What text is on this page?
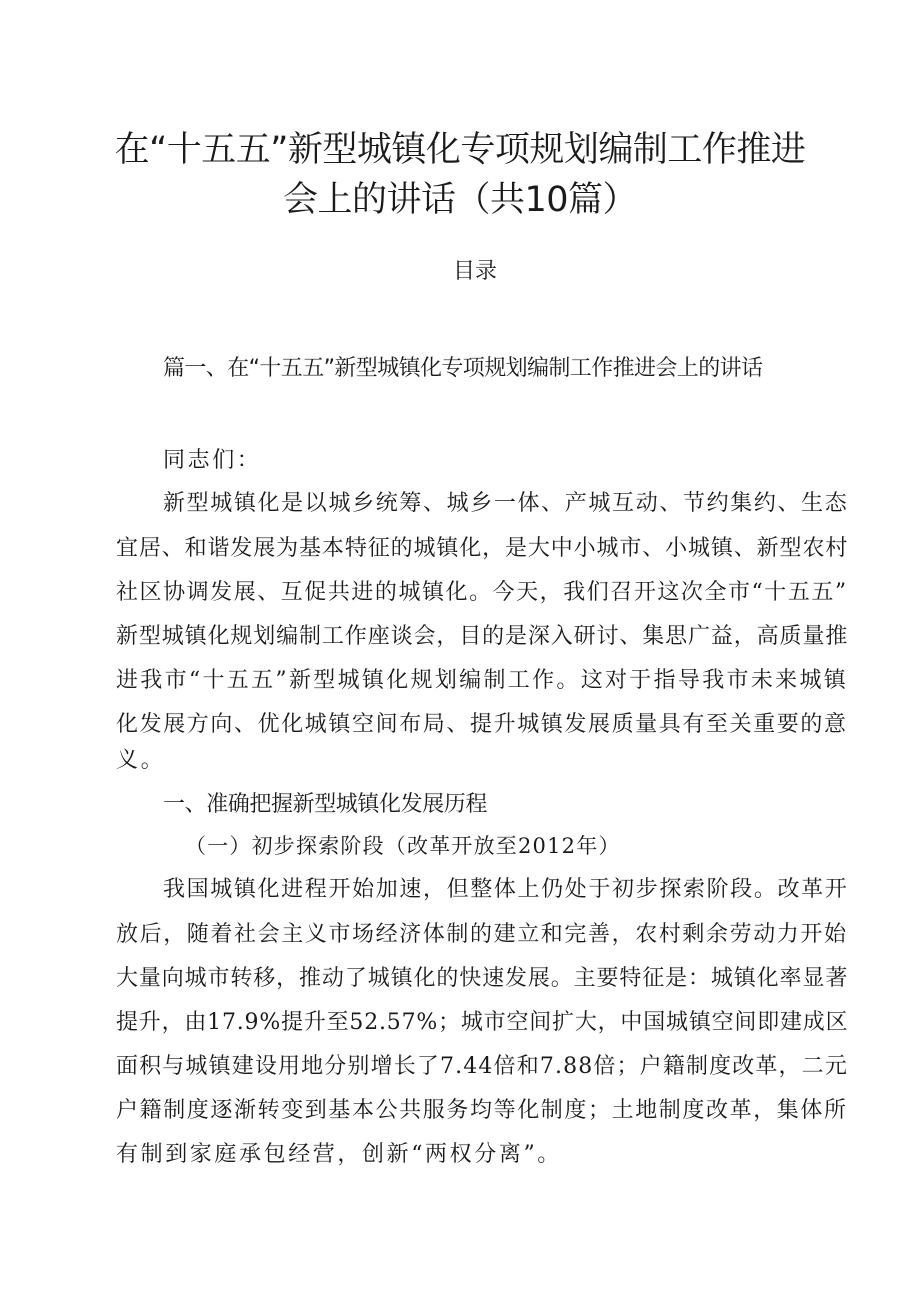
在“十五五”新型城镇化专项规划编制工作推进
会上的讲话（共10篇）
目录
篇一、在“十五五”新型城镇化专项规划编制工作推进会上的讲话
同志们：
新型城镇化是以城乡统筹、城乡一体、产城互动、节约集约、生态
宜居、和谐发展为基本特征的城镇化，是大中小城市、小城镇、新型农村
社区协调发展、互促共进的城镇化。今天，我们召开这次全市“十五五”
新型城镇化规划编制工作座谈会，目的是深入研讨、集思广益，高质量推
进我市“十五五”新型城镇化规划编制工作。这对于指导我市未来城镇
化发展方向、优化城镇空间布局、提升城镇发展质量具有至关重要的意
义。
一、准确把握新型城镇化发展历程
（一）初步探索阶段（改革开放至2012年）
我国城镇化进程开始加速，但整体上仍处于初步探索阶段。改革开
放后，随着社会主义市场经济体制的建立和完善，农村剩余劳动力开始
大量向城市转移，推动了城镇化的快速发展。主要特征是：城镇化率显著
提升，由17.9%提升至52.57%；城市空间扩大，中国城镇空间即建成区
面积与城镇建设用地分别增长了7.44倍和7.88倍；户籍制度改革，二元
户籍制度逐渐转变到基本公共服务均等化制度；土地制度改革，集体所
有制到家庭承包经营，创新“两权分离”。
